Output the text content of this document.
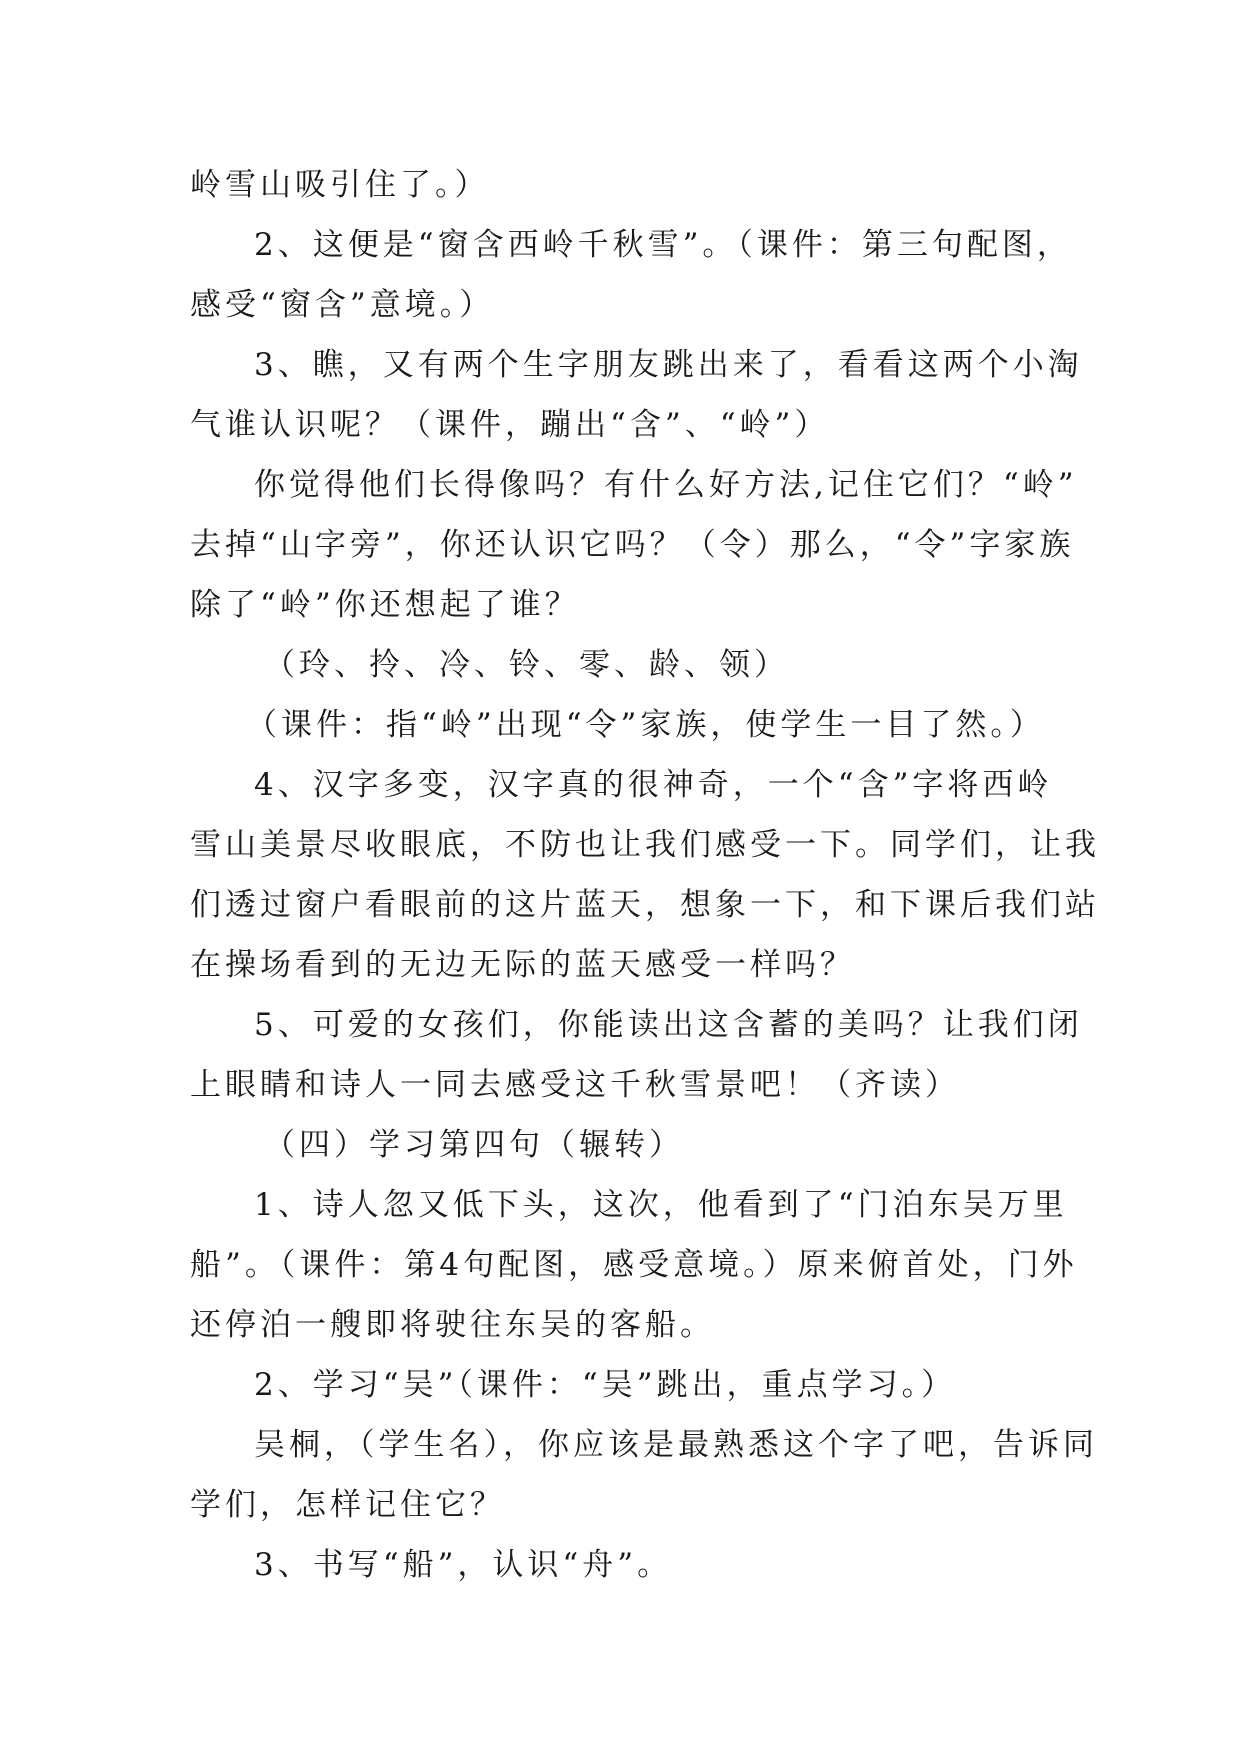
岭雪山吸引住了。）
2、这便是“窗含西岭千秋雪”。（课件：第三句配图，
感受“窗含”意境。）
3、瞧，又有两个生字朋友跳出来了，看看这两个小淘
气谁认识呢？（课件，蹦出“含”、“岭”）
你觉得他们长得像吗？有什么好方法,记住它们？“岭”
去掉“山字旁”，你还认识它吗？（令）那么，“令”字家族
除了“岭”你还想起了谁？
（玲、拎、冷、铃、零、龄、领）
（课件：指“岭”出现“令”家族，使学生一目了然。）
4、汉字多变，汉字真的很神奇，一个“含”字将西岭
雪山美景尽收眼底，不防也让我们感受一下。同学们，让我
们透过窗户看眼前的这片蓝天，想象一下，和下课后我们站
在操场看到的无边无际的蓝天感受一样吗？
5、可爱的女孩们，你能读出这含蓄的美吗？让我们闭
上眼睛和诗人一同去感受这千秋雪景吧！（齐读）
（四）学习第四句（辗转）
1、诗人忽又低下头，这次，他看到了“门泊东吴万里
船”。（课件：第4句配图，感受意境。）原来俯首处，门外
还停泊一艘即将驶往东吴的客船。
2、学习“吴”（课件：“吴”跳出，重点学习。）
吴桐，（学生名），你应该是最熟悉这个字了吧，告诉同
学们，怎样记住它？
3、书写“船”，认识“舟”。
